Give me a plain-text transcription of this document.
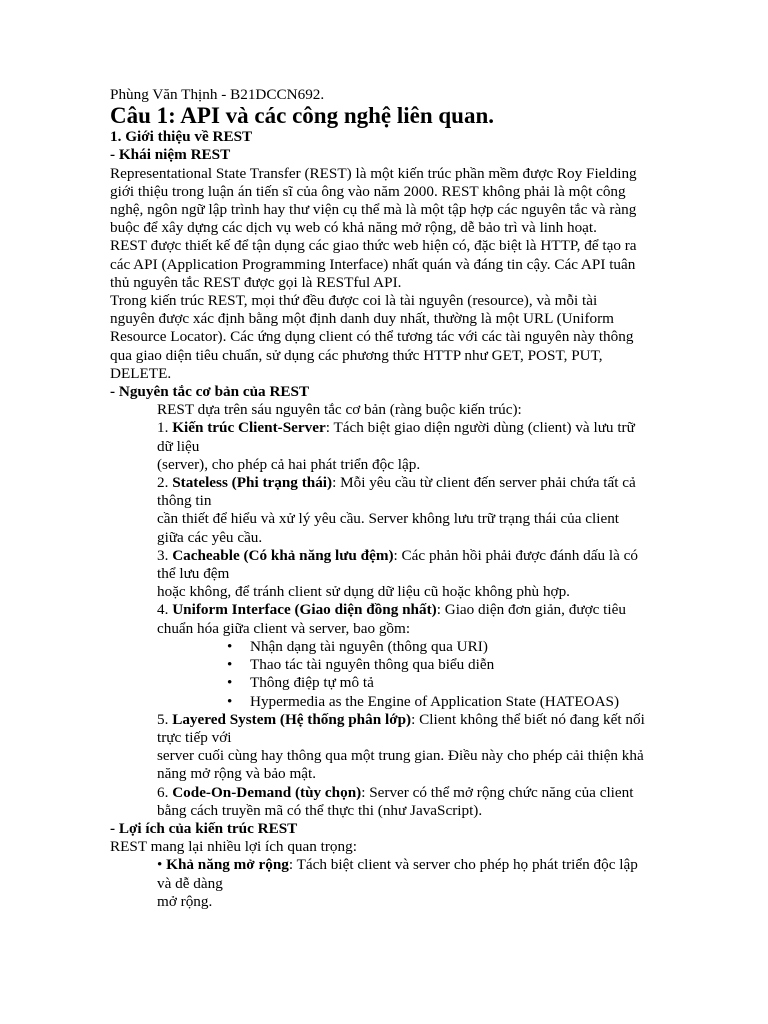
Phùng Văn Thịnh - B21DCCN692.
Câu 1: API và các công nghệ liên quan.
1. Giới thiệu về REST
- Khái niệm REST
Representational State Transfer (REST) là một kiến trúc phần mềm được Roy Fielding
giới thiệu trong luận án tiến sĩ của ông vào năm 2000. REST không phải là một công
nghệ, ngôn ngữ lập trình hay thư viện cụ thể mà là một tập hợp các nguyên tắc và ràng
buộc để xây dựng các dịch vụ web có khả năng mở rộng, dễ bảo trì và linh hoạt.
REST được thiết kế để tận dụng các giao thức web hiện có, đặc biệt là HTTP, để tạo ra
các API (Application Programming Interface) nhất quán và đáng tin cậy. Các API tuân
thủ nguyên tắc REST được gọi là RESTful API.
Trong kiến trúc REST, mọi thứ đều được coi là tài nguyên (resource), và mỗi tài
nguyên được xác định bằng một định danh duy nhất, thường là một URL (Uniform
Resource Locator). Các ứng dụng client có thể tương tác với các tài nguyên này thông
qua giao diện tiêu chuẩn, sử dụng các phương thức HTTP như GET, POST, PUT,
DELETE.
- Nguyên tắc cơ bản của REST
REST dựa trên sáu nguyên tắc cơ bản (ràng buộc kiến trúc):
1. Kiến trúc Client-Server: Tách biệt giao diện người dùng (client) và lưu trữ
dữ liệu
(server), cho phép cả hai phát triển độc lập.
2. Stateless (Phi trạng thái): Mỗi yêu cầu từ client đến server phải chứa tất cả
thông tin
cần thiết để hiểu và xử lý yêu cầu. Server không lưu trữ trạng thái của client
giữa các yêu cầu.
3. Cacheable (Có khả năng lưu đệm): Các phản hồi phải được đánh dấu là có
thể lưu đệm
hoặc không, để tránh client sử dụng dữ liệu cũ hoặc không phù hợp.
4. Uniform Interface (Giao diện đồng nhất): Giao diện đơn giản, được tiêu
chuẩn hóa giữa client và server, bao gồm:
• Nhận dạng tài nguyên (thông qua URI)
• Thao tác tài nguyên thông qua biểu diễn
• Thông điệp tự mô tả
• Hypermedia as the Engine of Application State (HATEOAS)
5. Layered System (Hệ thống phân lớp): Client không thể biết nó đang kết nối
trực tiếp với
server cuối cùng hay thông qua một trung gian. Điều này cho phép cải thiện khả
năng mở rộng và bảo mật.
6. Code-On-Demand (tùy chọn): Server có thể mở rộng chức năng của client
bằng cách truyền mã có thể thực thi (như JavaScript).
- Lợi ích của kiến trúc REST
REST mang lại nhiều lợi ích quan trọng:
• Khả năng mở rộng: Tách biệt client và server cho phép họ phát triển độc lập
và dễ dàng
mở rộng.
